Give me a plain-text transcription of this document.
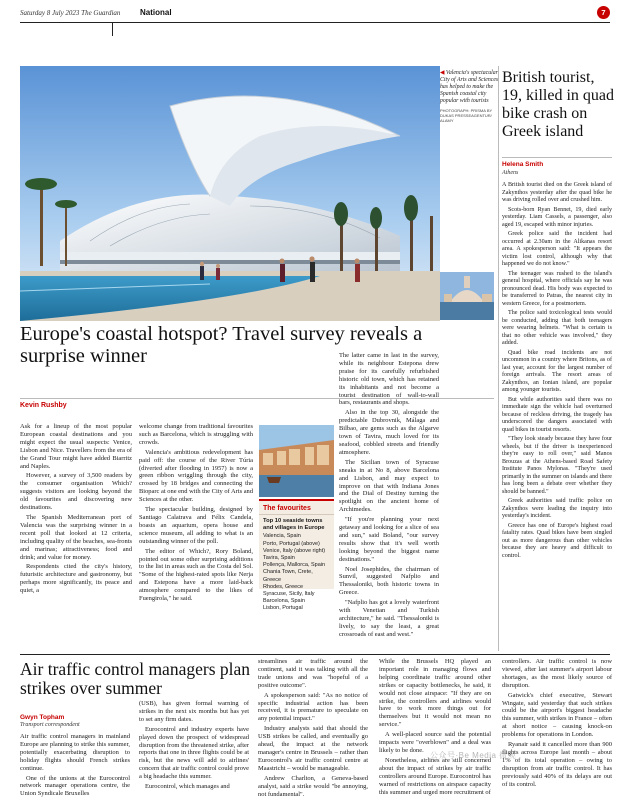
Saturday 8 July 2023 The Guardian National	7
◀ Valencia's spectacular City of Arts and Sciences has helped to make the Spanish coastal city popular with tourists
PHOTOGRAPH: PRISMA BY DUKAS PRESSEAGENTUR/ ALAMY
Europe's coastal hotspot? Travel survey reveals a surprise winner
Kevin Rushby

Ask for a lineup of the most popular European coastal destinations and you might expect the usual suspects: Venice, Lisbon and Nice. Travellers from the era of the Grand Tour might have added Biarritz and Naples.

However, a survey of 3,500 readers by the consumer organisation Which? suggests visitors are looking beyond the old favourites and discovering new destinations.

The Spanish Mediterranean port of Valencia was the surprising winner in a recent poll that looked at 12 criteria, including quality of the beaches, sea-fronts and marinas; attractiveness; food and drink; and value for money.

Respondents cited the city's history, futuristic architecture and gastronomy, but perhaps more significantly, its peace and quiet, a

welcome change from traditional favourites such as Barcelona, which is struggling with crowds.

Valencia's ambitious redevelopment has paid off: the course of the River Túria (diverted after flooding in 1957) is now a green ribbon wriggling through the city, crossed by 18 bridges and connecting the Bioparc at one end with the City of Arts and Sciences at the other.

The spectacular building, designed by Santiago Calatrava and Félix Candela, boasts an aquarium, opera house and science museum, all adding to what is an outstanding winner of the poll.

The editor of Which?, Rory Boland, pointed out some other surprising additions to the list in areas such as the Costa del Sol. "Some of the highest-rated spots like Nerja and Estepona have a more laid-back atmosphere compared to the likes of Fuengirola," he said.

The favourites
Top 10 seaside towns and villages in Europe
Valencia, Spain
Porto, Portugal (above)
Venice, Italy (above right)
Tavira, Spain
Pollença, Mallorca, Spain
Chania Town, Crete, Greece
Rhodes, Greece
Syracuse, Sicily, Italy
Barcelona, Spain
Lisbon, Portugal

The latter came in last in the survey, while its neighbour Estepona drew praise for its carefully refurbished historic old town, which has retained its inhabitants and not become a tourist destination of wall-to-wall bars, restaurants and shops.

Also in the top 30, alongside the predictable Dubrovnik, Málaga and Bilbao, are gems such as the Algarve town of Tavira, much loved for its seafood, cobbled streets and friendly atmosphere.

The Sicilian town of Syracuse sneaks in at No 8, above Barcelona and Lisbon, and may expect to improve on that with Indiana Jones and the Dial of Destiny turning the spotlight on the ancient home of Archimedes.

"If you're planning your next getaway and looking for a slice of sea and sun," said Boland, "our survey results show that it's well worth looking beyond the biggest name destinations."

Noel Josephides, the chairman of Sunvil, suggested Nafplio and Thessaloniki, both historic towns in Greece.

"Nafplio has got a lovely waterfront with Venetian and Turkish architecture," he said. "Thessaloniki is lively, to say the least, a great crossroads of east and west."

British tourist, 19, killed in quad bike crash on Greek island
Helena Smith
Athens

A British tourist died on the Greek island of Zakynthos yesterday after the quad bike he was driving rolled over and crushed him.

Scots-born Ryan Bennet, 19, died early yesterday. Liam Cassels, a passenger, also aged 19, escaped with minor injuries.

Greek police said the incident had occurred at 2.30am in the Alikanas resort area. A spokesperson said: "It appears the victim lost control, although why that happened we do not know."

The teenager was rushed to the island's general hospital, where officials say he was pronounced dead. His body was expected to be transferred to Patras, the nearest city in western Greece, for a postmortem.

The police said toxicological tests would be conducted, adding that both teenagers were wearing helmets. "What is certain is that no other vehicle was involved," they added.

Quad bike road incidents are not uncommon in a country where Britons, as of last year, account for the largest number of foreign arrivals. The resort areas of Zakynthos, an Ionian island, are popular among younger tourists.

But while authorities said there was no immediate sign the vehicle had overturned because of reckless driving, the tragedy has underscored the dangers associated with quad bikes in tourist resorts.

"They look steady because they have four wheels, but if the driver is inexperienced they're easy to roll over," said Manos Brouzas at the Athens-based Road Safety Institute Panos Mylonas. "They're used primarily in the summer on islands and there has long been a debate over whether they should be banned."

Greek authorities said traffic police on Zakynthos were leading the inquiry into yesterday's incident.

Greece has one of Europe's highest road fatality rates. Quad bikes have been singled out as more dangerous than other vehicles because they are heavy and difficult to control.

Air traffic control managers plan strikes over summer
Gwyn Topham
Transport correspondent

Air traffic control managers in mainland Europe are planning to strike this summer, potentially exacerbating disruption to holiday flights should French strikes continue.

One of the unions at the Eurocontrol network manager operations centre, the Union Syndicale Bruxelles

(USB), has given formal warning of strikes in the next six months but has yet to set any firm dates.

Eurocontrol and industry experts have played down the prospect of widespread disruption from the threatened strike, after reports that one in three flights could be at risk, but the news will add to airlines' concern that air traffic control could prove a big headache this summer.

Eurocontrol, which manages and

streamlines air traffic around the continent, said it was talking with all the trade unions and was "hopeful of a positive outcome".

A spokesperson said: "As no notice of specific industrial action has been received, it is premature to speculate on any potential impact."

Industry analysts said that should the USB strikes be called, and eventually go ahead, the impact at the network manager's centre in Brussels – rather than Eurocontrol's air traffic control centre at Maastricht – would be manageable.

Andrew Charlton, a Geneva-based analyst, said a strike would "be annoying, not fundamental".

While the Brussels HQ played an important role in managing flows and helping coordinate traffic around other strikes or capacity bottlenecks, he said, it would not close airspace: "If they are on strike, the controllers and airlines would have to work more things out for themselves but it would not mean no service."

A well-placed source said the potential impacts were "overblown" and a deal was likely to be done.

Nonetheless, airlines are still concerned about the impact of strikes by air traffic controllers around Europe. Eurocontrol has warned of restrictions on airspace capacity this summer and urged more recruitment of

controllers. Air traffic control is now viewed, after last summer's airport labour shortages, as the most likely source of disruption.

Gatwick's chief executive, Stewart Wingate, said yesterday that such strikes could be the airport's biggest headache this summer, with strikes in France – often at short notice – causing knock-on problems for operations in London.

Ryanair said it cancelled more than 900 flights across Europe last month – about 1% of its total operation – owing to disruption from air traffic control. It has previously said 40% of its delays are out of its control.

公众号·Be Media 微观
